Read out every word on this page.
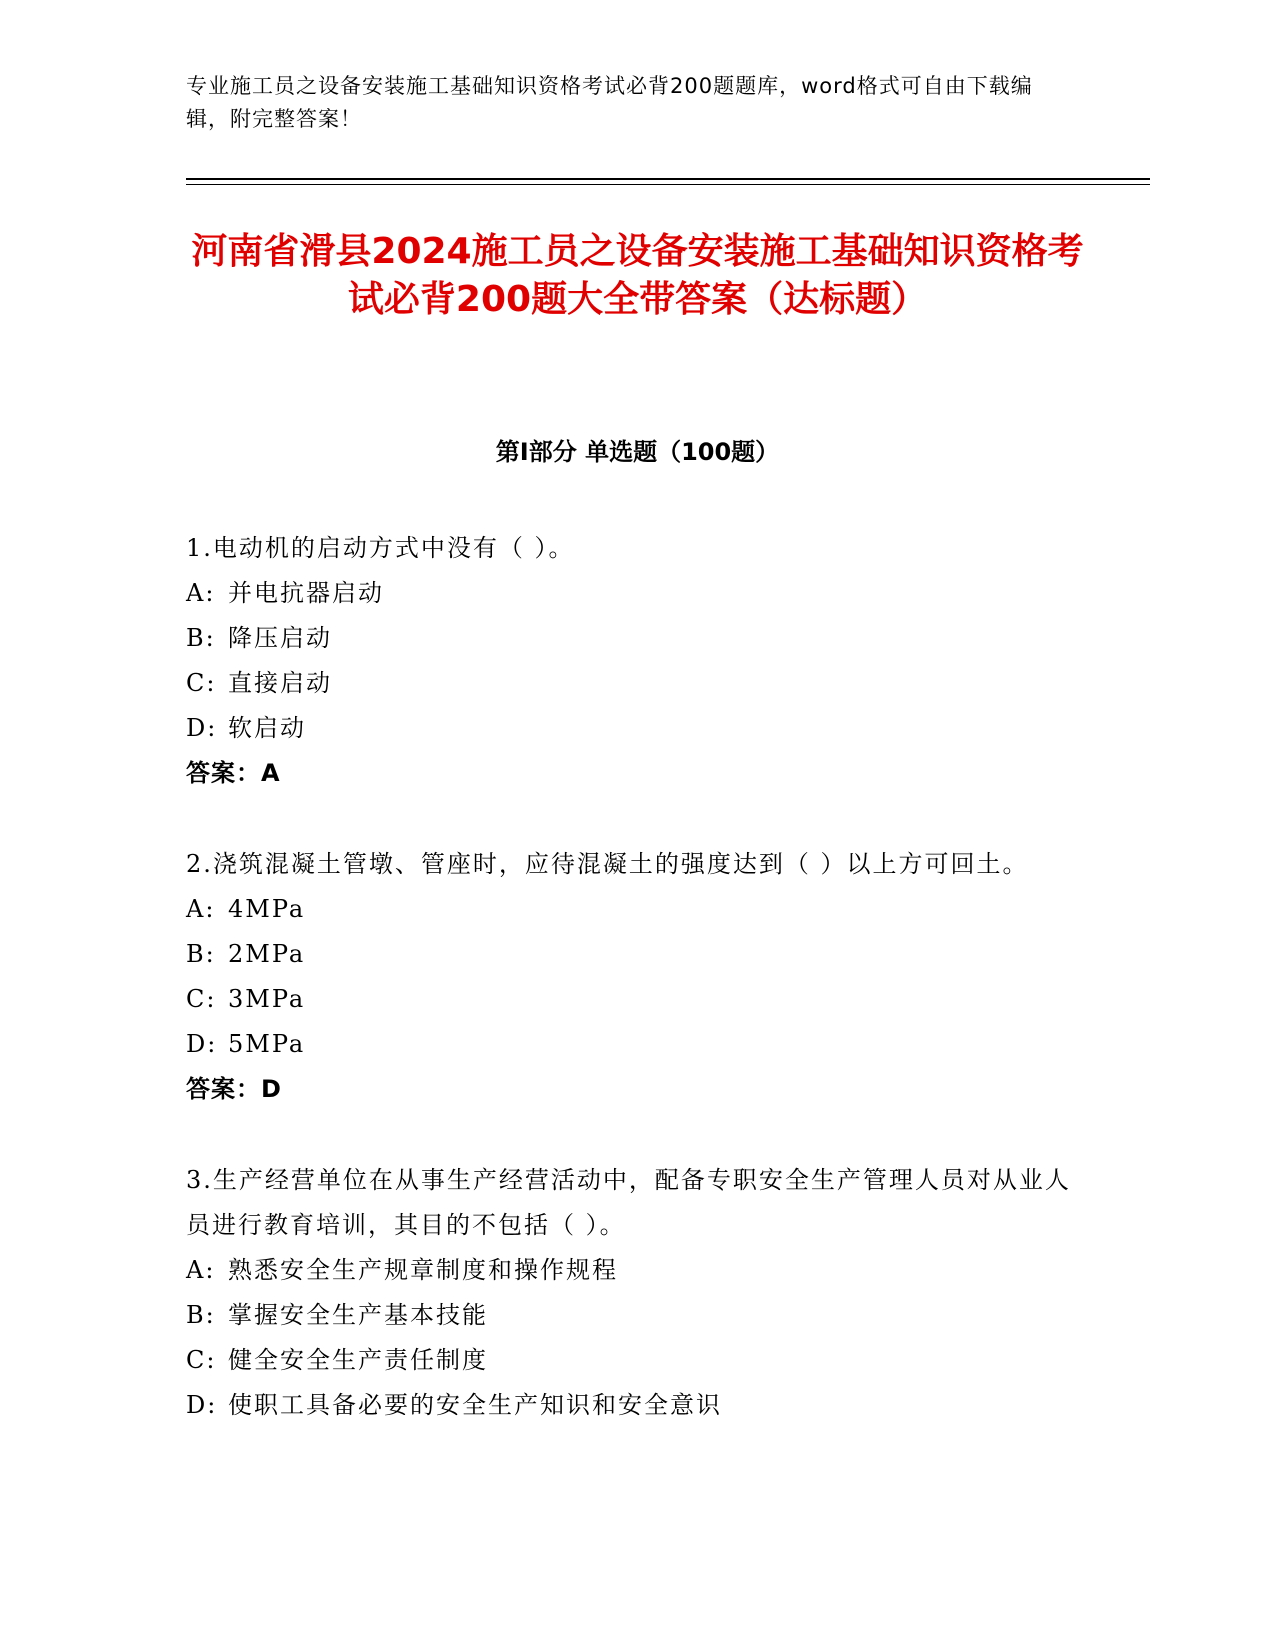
专业施工员之设备安装施工基础知识资格考试必背200题题库，word格式可自由下载编辑，附完整答案！
河南省滑县2024施工员之设备安装施工基础知识资格考试必背200题大全带答案（达标题）
第I部分 单选题（100题）
1.电动机的启动方式中没有（ ）。
A: 并电抗器启动
B: 降压启动
C: 直接启动
D: 软启动
答案：A
2.浇筑混凝土管墩、管座时，应待混凝土的强度达到（ ）以上方可回土。
A: 4MPa
B: 2MPa
C: 3MPa
D: 5MPa
答案：D
3.生产经营单位在从事生产经营活动中，配备专职安全生产管理人员对从业人员进行教育培训，其目的不包括（ ）。
A: 熟悉安全生产规章制度和操作规程
B: 掌握安全生产基本技能
C: 健全安全生产责任制度
D: 使职工具备必要的安全生产知识和安全意识
